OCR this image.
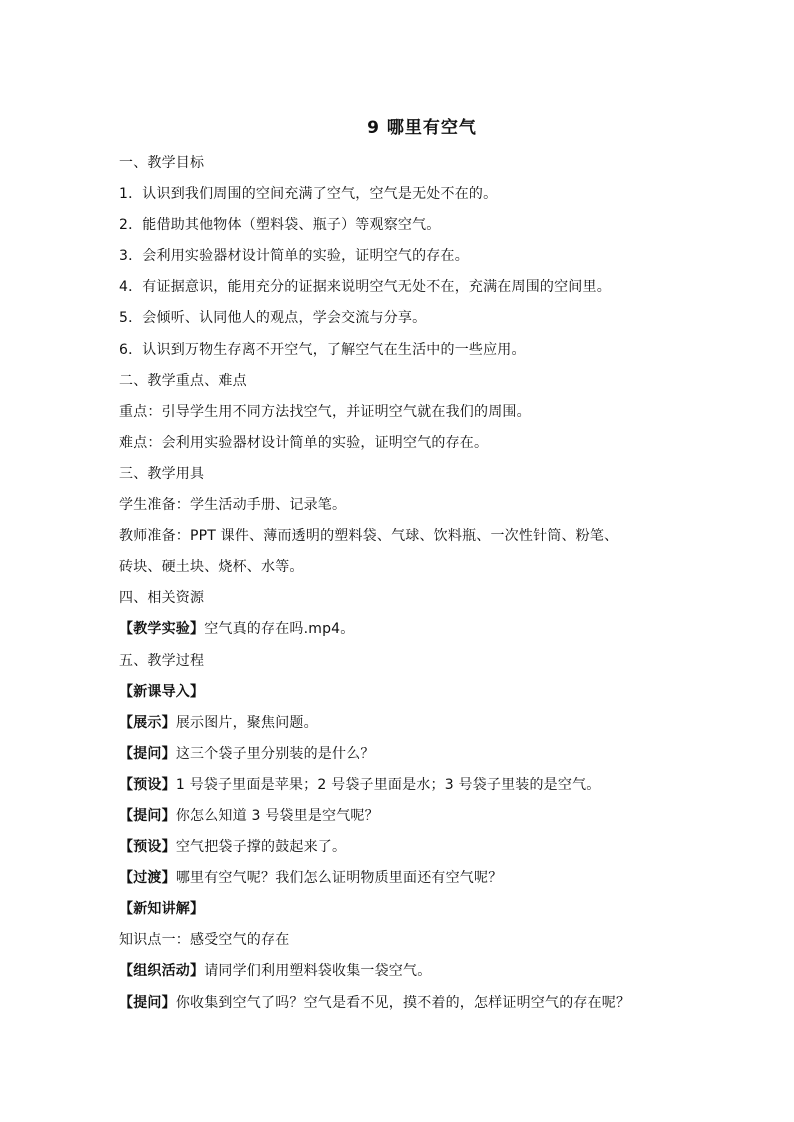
9 哪里有空气
一、教学目标
1．认识到我们周围的空间充满了空气，空气是无处不在的。
2．能借助其他物体（塑料袋、瓶子）等观察空气。
3．会利用实验器材设计简单的实验，证明空气的存在。
4．有证据意识，能用充分的证据来说明空气无处不在，充满在周围的空间里。
5．会倾听、认同他人的观点，学会交流与分享。
6．认识到万物生存离不开空气，了解空气在生活中的一些应用。
二、教学重点、难点
重点：引导学生用不同方法找空气，并证明空气就在我们的周围。
难点：会利用实验器材设计简单的实验，证明空气的存在。
三、教学用具
学生准备：学生活动手册、记录笔。
教师准备：PPT 课件、薄而透明的塑料袋、气球、饮料瓶、一次性针筒、粉笔、
砖块、硬土块、烧杯、水等。
四、相关资源
【教学实验】空气真的存在吗.mp4。
五、教学过程
【新课导入】
【展示】展示图片，聚焦问题。
【提问】这三个袋子里分别装的是什么？
【预设】1 号袋子里面是苹果；2 号袋子里面是水；3 号袋子里装的是空气。
【提问】你怎么知道 3 号袋里是空气呢？
【预设】空气把袋子撑的鼓起来了。
【过渡】哪里有空气呢？我们怎么证明物质里面还有空气呢？
【新知讲解】
知识点一：感受空气的存在
【组织活动】请同学们利用塑料袋收集一袋空气。
【提问】你收集到空气了吗？空气是看不见，摸不着的，怎样证明空气的存在呢？
